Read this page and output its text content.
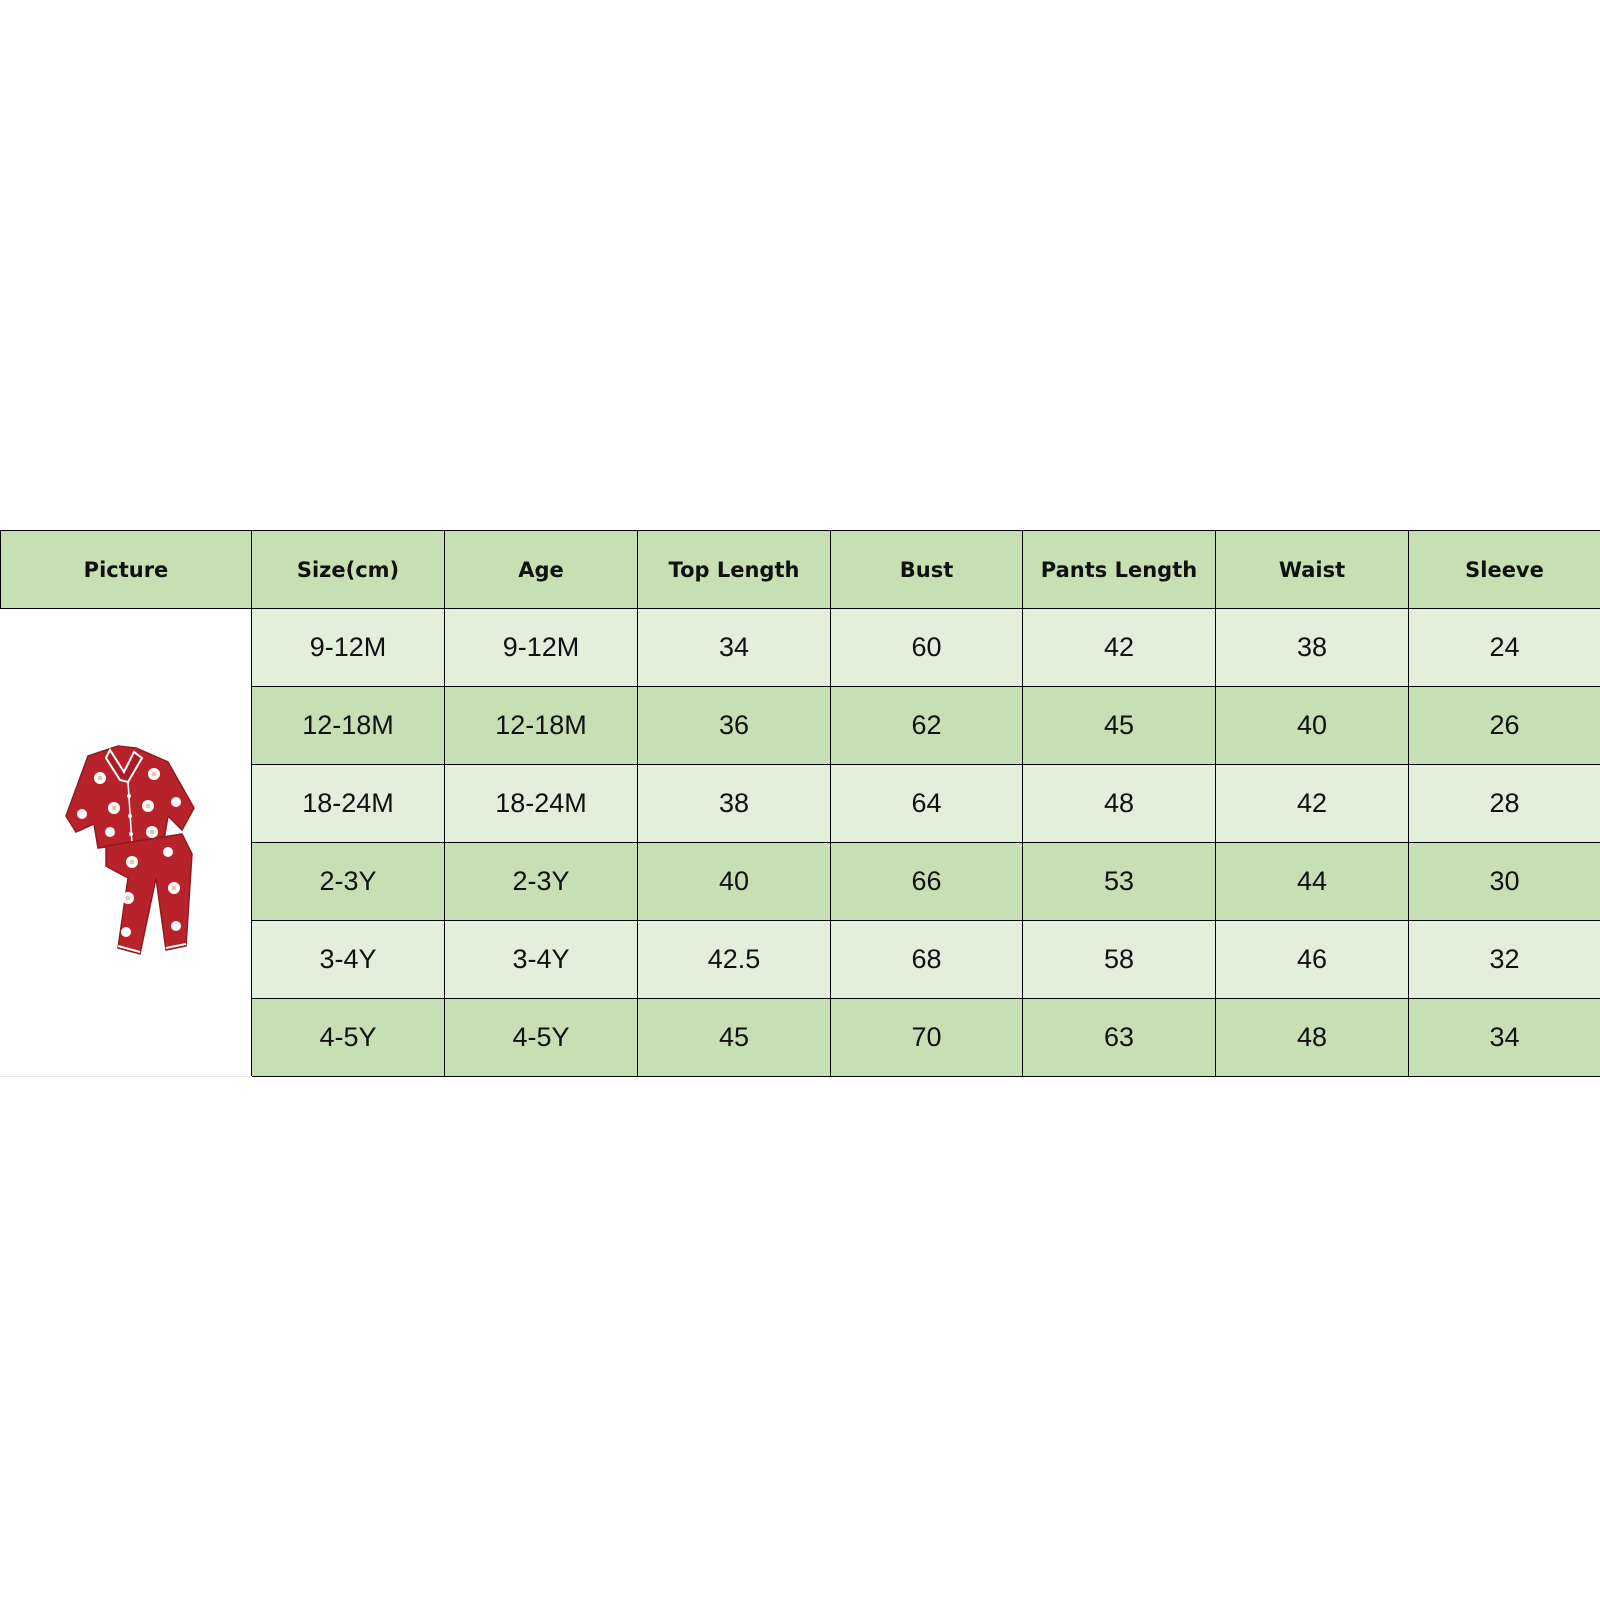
Picture	Size(cm)	Age	Top Length	Bust	Pants Length	Waist	Sleeve

	9-12M	9-12M	34	60	42	38	24
	12-18M	12-18M	36	62	45	40	26
	18-24M	18-24M	38	64	48	42	28
	2-3Y	2-3Y	40	66	53	44	30
	3-4Y	3-4Y	42.5	68	58	46	32
	4-5Y	4-5Y	45	70	63	48	34
